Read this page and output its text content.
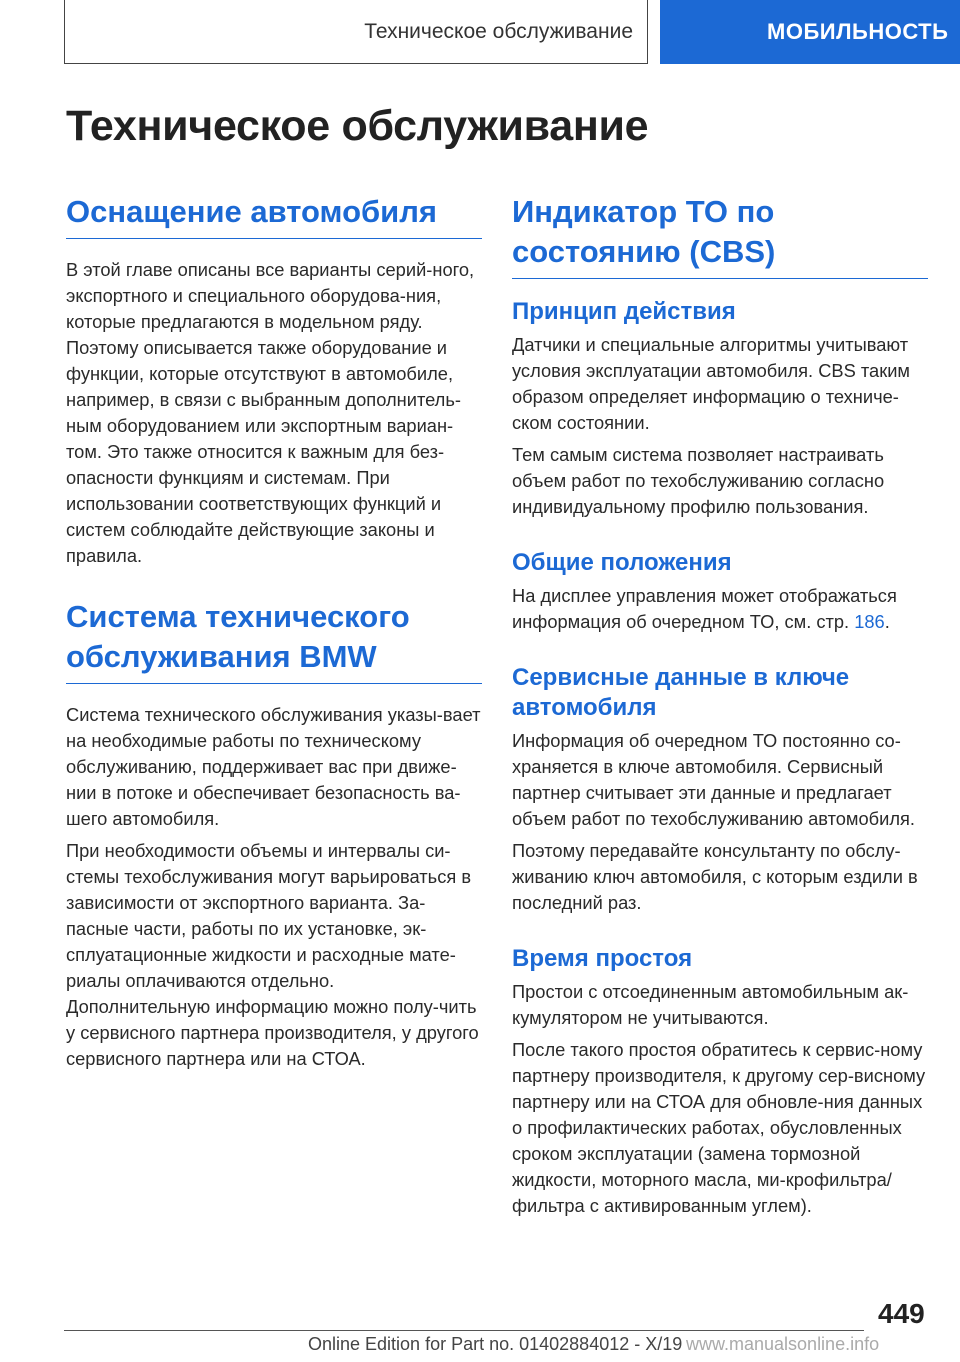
Техническое обслуживание	МОБИЛЬНОСТЬ
Техническое обслуживание
Оснащение автомобиля

В этой главе описаны все варианты серий-ного, экспортного и специального оборудова-ния, которые предлагаются в модельном ряду. Поэтому описывается также оборудование и функции, которые отсутствуют в автомобиле, например, в связи с выбранным дополнитель-ным оборудованием или экспортным вариан-том. Это также относится к важным для без-опасности функциям и системам. При использовании соответствующих функций и систем соблюдайте действующие законы и правила.

Система технического обслуживания BMW

Система технического обслуживания указы-вает на необходимые работы по техническому обслуживанию, поддерживает вас при движе-нии в потоке и обеспечивает безопасность ва-шего автомобиля.

При необходимости объемы и интервалы си-стемы техобслуживания могут варьироваться в зависимости от экспортного варианта. За-пасные части, работы по их установке, эк-сплуатационные жидкости и расходные мате-риалы оплачиваются отдельно. Дополнительную информацию можно полу-чить у сервисного партнера производителя, у другого сервисного партнера или на СТОА.

Индикатор ТО по состоянию (CBS)
Принцип действия

Датчики и специальные алгоритмы учитывают условия эксплуатации автомобиля. CBS таким образом определяет информацию о техниче-ском состоянии.

Тем самым система позволяет настраивать объем работ по техобслуживанию согласно индивидуальному профилю пользования.

Общие положения

На дисплее управления может отображаться информация об очередном ТО, см. стр. 186.

Сервисные данные в ключе автомобиля

Информация об очередном ТО постоянно со-храняется в ключе автомобиля. Сервисный партнер считывает эти данные и предлагает объем работ по техобслуживанию автомобиля.

Поэтому передавайте консультанту по обслу-живанию ключ автомобиля, с которым ездили в последний раз.

Время простоя

Простои с отсоединенным автомобильным ак-кумулятором не учитываются.

После такого простоя обратитесь к сервис-ному партнеру производителя, к другому сер-висному партнеру или на СТОА для обновле-ния данных о профилактических работах, обусловленных сроком эксплуатации (замена тормозной жидкости, моторного масла, ми-крофильтра/фильтра с активированным углем).

449
Online Edition for Part no. 01402884012 - X/19 www.manualsonline.info
